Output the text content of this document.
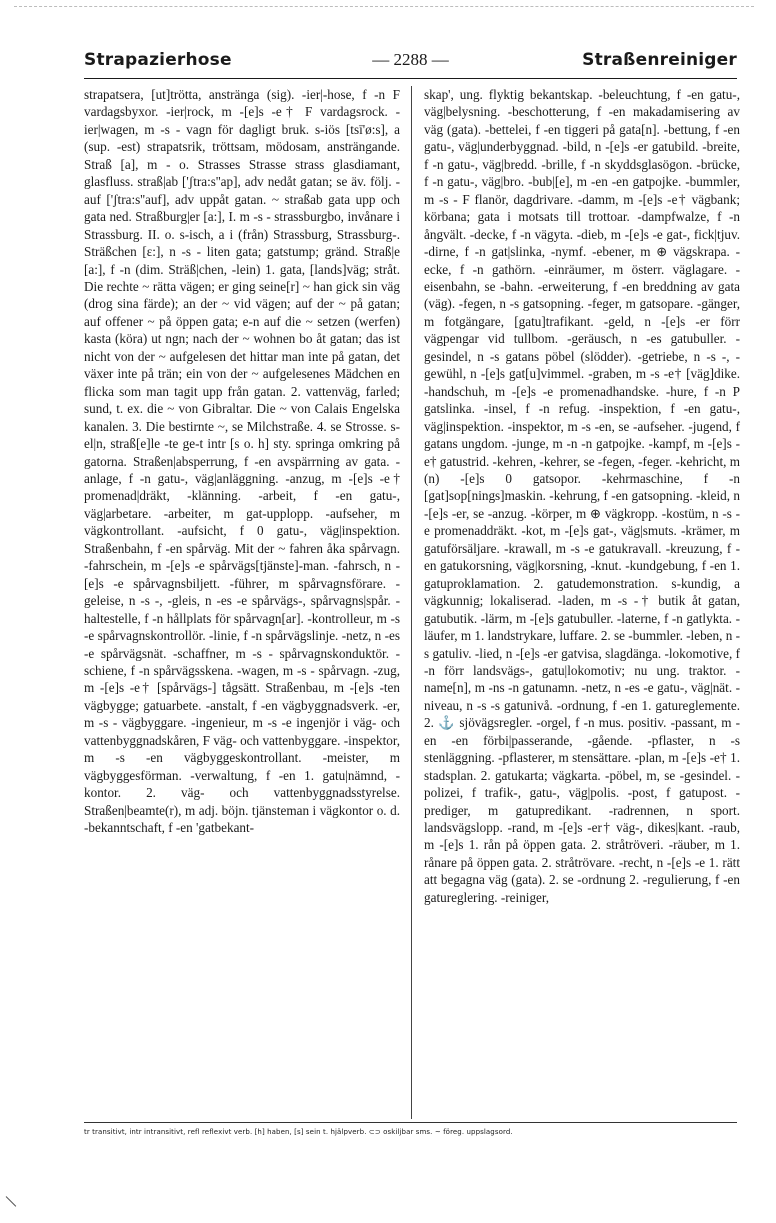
Strapazierhose	— 2288 —	Straßenreiniger

strapatsera, [ut]trötta, anstränga (sig). -ier|-hose, f -n F vardagsbyxor. -ier|rock, m -[e]s -e† F vardagsrock. -ier|wagen, m -s - vagn för dagligt bruk. s-iös [tsī'ø:s], a (sup. -est) strapatsrik, tröttsam, mödosam, ansträngande. Straß [a], m - o. Strasses Strasse strass glasdiamant, glasfluss. straß|ab ['ʃtra:s''ap], adv nedåt gatan; se äv. följ. -auf ['ʃtra:s''auf], adv uppåt gatan. ~ straßab gata upp och gata ned. Straßburg|er [a:], I. m -s - strassburgbo, invånare i Strassburg. II. o. s-isch, a i (från) Strassburg, Strassburg-. Sträßchen [ε:], n -s - liten gata; gatstump; gränd. Straß|e [a:], f -n (dim. Sträß|chen, -lein) 1. gata, [lands]väg; stråt. Die rechte ~ rätta vägen; er ging seine[r] ~ han gick sin väg (drog sina färde); an der ~ vid vägen; auf der ~ på gatan; auf offener ~ på öppen gata; e-n auf die ~ setzen (werfen) kasta (köra) ut ngn; nach der ~ wohnen bo åt gatan; das ist nicht von der ~ aufgelesen det hittar man inte på gatan, det växer inte på trän; ein von der ~ aufgelesenes Mädchen en flicka som man tagit upp från gatan. 2. vattenväg, farled; sund, t. ex. die ~ von Gibraltar. Die ~ von Calais Engelska kanalen. 3. Die bestirnte ~, se Milchstraße. 4. se Strosse. s-el|n, straß[e]le -te ge-t intr [s o. h] sty. springa omkring på gatorna. Straßen|absperrung, f -en avspärrning av gata. -anlage, f -n gatu-, väg|anläggning. -anzug, m -[e]s -e† promenad|dräkt, -klänning. -arbeit, f -en gatu-, väg|arbetare. -arbeiter, m gat-upplopp. -aufseher, m vägkontrollant. -aufsicht, f 0 gatu-, väg|inspektion. Straßenbahn, f -en spårväg. Mit der ~ fahren åka spårvagn. -fahrschein, m -[e]s -e spårvägs[tjänste]-man. -fahrsch, n -[e]s -e spårvagnsbiljett. -führer, m spårvagnsförare. -geleise, n -s -, -gleis, n -es -e spårvägs-, spårvagns|spår. -haltestelle, f -n hållplats för spårvagn[ar]. -kontrolleur, m -s -e spårvagnskontrollör. -linie, f -n spårvägslinje. -netz, n -es -e spårvägsnät. -schaffner, m -s - spårvagnskonduktör. -schiene, f -n spårvägsskena. -wagen, m -s - spårvagn. -zug, m -[e]s -e† [spårvägs-] tågsätt. Straßenbau, m -[e]s -ten vägbygge; gatuarbete. -anstalt, f -en vägbyggnadsverk. -er, m -s - vägbyggare. -ingenieur, m -s -e ingenjör i väg- och vattenbyggnadskåren, F väg- och vattenbyggare. -inspektor, m -s -en vägbyggeskontrollant. -meister, m vägbyggesförman. -verwaltung, f -en 1. gatu|nämnd, -kontor. 2. väg- och vattenbyggnadsstyrelse. Straßen|beamte(r), m adj. böjn. tjänsteman i vägkontor o. d. -bekanntschaft, f -en 'gatbekant-

skap', ung. flyktig bekantskap. -beleuchtung, f -en gatu-, väg|belysning. -beschotterung, f -en makadamisering av väg (gata). -bettelei, f -en tiggeri på gata[n]. -bettung, f -en gatu-, väg|underbyggnad. -bild, n -[e]s -er gatubild. -breite, f -n gatu-, väg|bredd. -brille, f -n skyddsglasögon. -brücke, f -n gatu-, väg|bro. -bub|[e], m -en -en gatpojke. -bummler, m -s - F flanör, dagdrivare. -damm, m -[e]s -e† vägbank; körbana; gata i motsats till trottoar. -dampfwalze, f -n ångvält. -decke, f -n vägyta. -dieb, m -[e]s -e gat-, fick|tjuv. -dirne, f -n gat|slinka, -nymf. -ebener, m ⊕ vägskrapa. -ecke, f -n gathörn. -einräumer, m österr. väglagare. -eisenbahn, se -bahn. -erweiterung, f -en breddning av gata (väg). -fegen, n -s gatsopning. -feger, m gatsopare. -gänger, m fotgängare, [gatu]trafikant. -geld, n -[e]s -er förr vägpengar vid tullbom. -geräusch, n -es gatubuller. -gesindel, n -s gatans pöbel (slödder). -getriebe, n -s -, -gewühl, n -[e]s gat[u]vimmel. -graben, m -s -e† [väg]dike. -handschuh, m -[e]s -e promenadhandske. -hure, f -n P gatslinka. -insel, f -n refug. -inspektion, f -en gatu-, väg|inspektion. -inspektor, m -s -en, se -aufseher. -jugend, f gatans ungdom. -junge, m -n -n gatpojke. -kampf, m -[e]s -e† gatustrid. -kehren, -kehrer, se -fegen, -feger. -kehricht, m (n) -[e]s 0 gatsopor. -kehrmaschine, f -n [gat]sop[nings]maskin. -kehrung, f -en gatsopning. -kleid, n -[e]s -er, se -anzug. -körper, m ⊕ vägkropp. -kostüm, n -s -e promenaddräkt. -kot, m -[e]s gat-, väg|smuts. -krämer, m gatuförsäljare. -krawall, m -s -e gatukravall. -kreuzung, f -en gatukorsning, väg|korsning, -knut. -kundgebung, f -en 1. gatuproklamation. 2. gatudemonstration. s-kundig, a vägkunnig; lokaliserad. -laden, m -s -† butik åt gatan, gatubutik. -lärm, m -[e]s gatubuller. -laterne, f -n gatlykta. -läufer, m 1. landstrykare, luffare. 2. se -bummler. -leben, n -s gatuliv. -lied, n -[e]s -er gatvisa, slagdänga. -lokomotive, f -n förr landsvägs-, gatu|lokomotiv; nu ung. traktor. -name[n], m -ns -n gatunamn. -netz, n -es -e gatu-, väg|nät. -niveau, n -s -s gatunivå. -ordnung, f -en 1. gatureglemente. 2. ⚓ sjövägsregler. -orgel, f -n mus. positiv. -passant, m -en -en förbi|passerande, -gående. -pflaster, n -s stenläggning. -pflasterer, m stensättare. -plan, m -[e]s -e† 1. stadsplan. 2. gatukarta; vägkarta. -pöbel, m, se -gesindel. -polizei, f trafik-, gatu-, väg|polis. -post, f gatupost. -prediger, m gatupredikant. -radrennen, n sport. landsvägslopp. -rand, m -[e]s -er† väg-, dikes|kant. -raub, m -[e]s 1. rån på öppen gata. 2. stråtröveri. -räuber, m 1. rånare på öppen gata. 2. stråtrövare. -recht, n -[e]s -e 1. rätt att begagna väg (gata). 2. se -ordnung 2. -regulierung, f -en gatureglering. -reiniger,

tr transitivt, intr intransitivt, refl reflexivt verb. [h] haben, [s] sein t. hjälpverb. ⊂⊃ oskiljbar sms. ~ föreg. uppslagsord.
